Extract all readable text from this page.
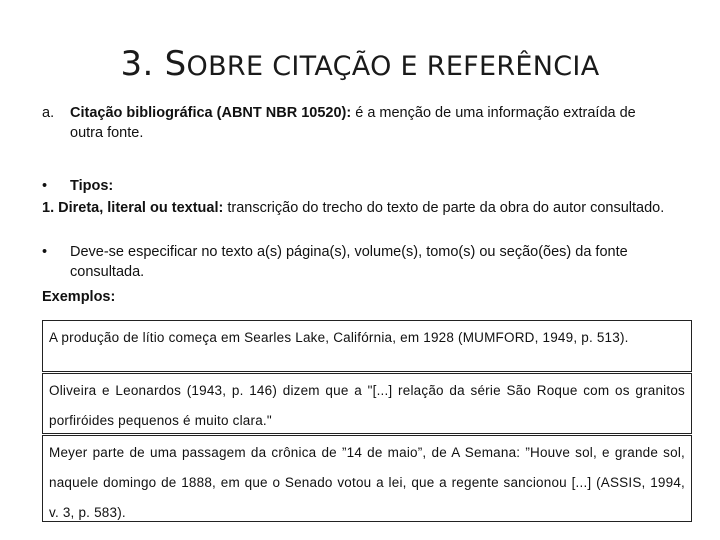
3. SOBRE CITAÇÃO E REFERÊNCIA
a. Citação bibliográfica (ABNT NBR 10520): é a menção de uma informação extraída de
outra fonte.
• Tipos:
1. Direta, literal ou textual: transcrição do trecho do texto de parte da obra do autor consultado.
• Deve-se especificar no texto a(s) página(s), volume(s), tomo(s) ou seção(ões) da fonte
consultada.
Exemplos:
A produção de lítio começa em Searles Lake, Califórnia, em 1928 (MUMFORD, 1949, p. 513).
Oliveira e Leonardos (1943, p. 146) dizem que a "[...] relação da série São Roque com os granitos porfiróides pequenos é muito clara."
Meyer parte de uma passagem da crônica de ”14 de maio”, de A Semana: ”Houve sol, e grande sol, naquele domingo de 1888, em que o Senado votou a lei, que a regente sancionou [...] (ASSIS, 1994, v. 3, p. 583).
